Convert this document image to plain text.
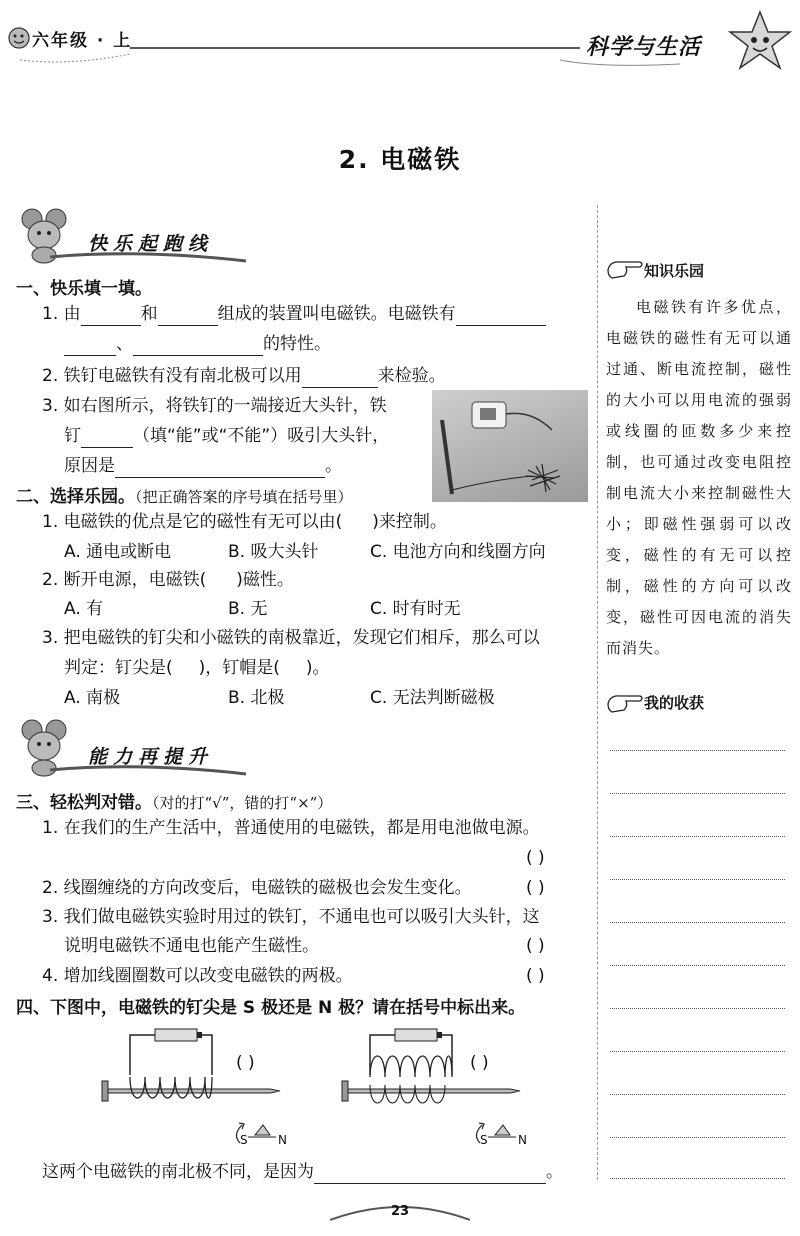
六年级 · 上	科学与生活
2. 电磁铁
快乐起跑线
一、快乐填一填。
1. 由	和	组成的装置叫电磁铁。电磁铁有
、	的特性。
2. 铁钉电磁铁有没有南北极可以用	来检验。
3. 如右图所示，将铁钉的一端接近大头针，铁
钉	（填“能”或“不能”）吸引大头针，
原因是	。
二、选择乐园。（把正确答案的序号填在括号里）
1. 电磁铁的优点是它的磁性有无可以由( )来控制。
A. 通电或断电	B. 吸大头针	C. 电池方向和线圈方向
2. 断开电源，电磁铁( )磁性。
A. 有	B. 无	C. 时有时无
3. 把电磁铁的钉尖和小磁铁的南极靠近，发现它们相斥，那么可以
判定：钉尖是( )，钉帽是( )。
A. 南极	B. 北极	C. 无法判断磁极
能力再提升
三、轻松判对错。（对的打“√”，错的打“×”）
1. 在我们的生产生活中，普通使用的电磁铁，都是用电池做电源。
( )
2. 线圈缠绕的方向改变后，电磁铁的磁极也会发生变化。	( )
3. 我们做电磁铁实验时用过的铁钉，不通电也可以吸引大头针，这
说明电磁铁不通电也能产生磁性。	( )
4. 增加线圈圈数可以改变电磁铁的两极。	( )
四、下图中，电磁铁的钉尖是 S 极还是 N 极？请在括号中标出来。
( )
S	N
( )
S	N
这两个电磁铁的南北极不同，是因为	。
23
知识乐园
电磁铁有许多优点，电磁铁的磁性有无可以通过通、断电流控制，磁性的大小可以用电流的强弱或线圈的匝数多少来控制，也可通过改变电阻控制电流大小来控制磁性大小；即磁性强弱可以改变，磁性的有无可以控制，磁性的方向可以改变，磁性可因电流的消失而消失。
我的收获
